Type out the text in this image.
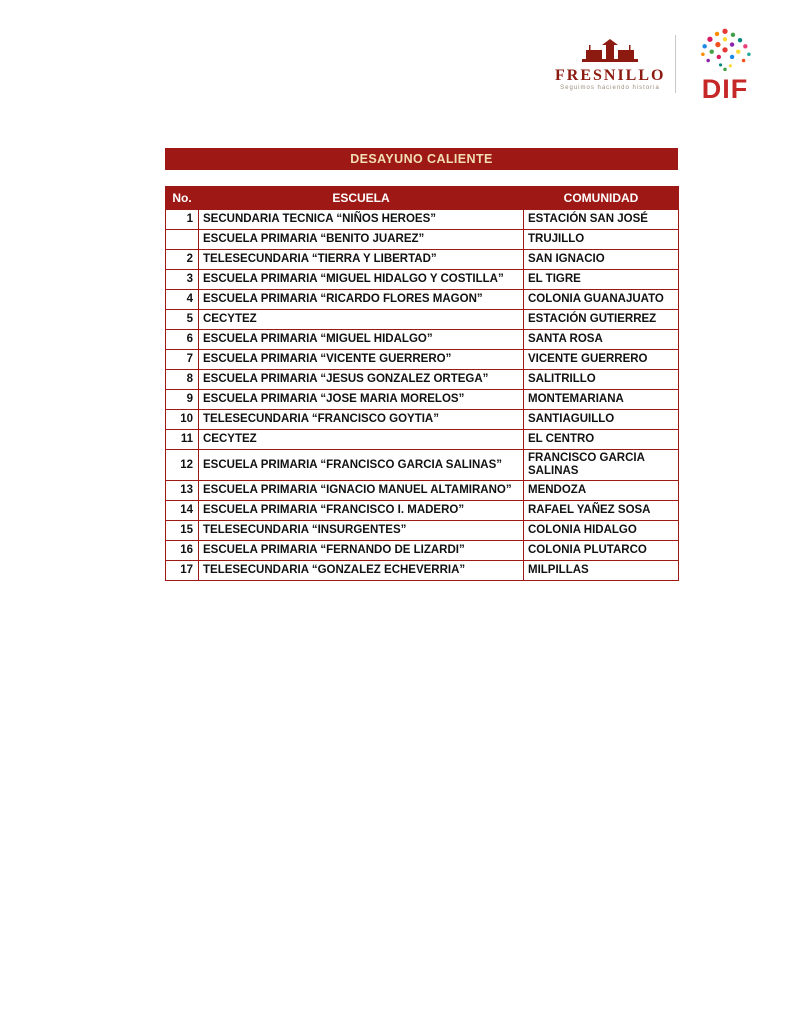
FRESNILLO
Seguimos haciendo historia	DIF
DESAYUNO CALIENTE
No.	ESCUELA	COMUNIDAD
1	SECUNDARIA TECNICA “NIÑOS HEROES”	ESTACIÓN SAN JOSÉ
	ESCUELA PRIMARIA “BENITO JUAREZ”	TRUJILLO
2	TELESECUNDARIA “TIERRA Y LIBERTAD”	SAN IGNACIO
3	ESCUELA PRIMARIA “MIGUEL HIDALGO Y COSTILLA”	EL TIGRE
4	ESCUELA PRIMARIA “RICARDO FLORES MAGON”	COLONIA GUANAJUATO
5	CECYTEZ	ESTACIÓN GUTIERREZ
6	ESCUELA PRIMARIA “MIGUEL HIDALGO”	SANTA ROSA
7	ESCUELA PRIMARIA “VICENTE GUERRERO”	VICENTE GUERRERO
8	ESCUELA PRIMARIA “JESUS GONZALEZ ORTEGA”	SALITRILLO
9	ESCUELA PRIMARIA “JOSE MARIA MORELOS”	MONTEMARIANA
10	TELESECUNDARIA “FRANCISCO GOYTIA”	SANTIAGUILLO
11	CECYTEZ	EL CENTRO
12	ESCUELA PRIMARIA “FRANCISCO GARCIA SALINAS”	FRANCISCO GARCIA SALINAS
13	ESCUELA PRIMARIA “IGNACIO MANUEL ALTAMIRANO”	MENDOZA
14	ESCUELA PRIMARIA “FRANCISCO I. MADERO”	RAFAEL YAÑEZ SOSA
15	TELESECUNDARIA “INSURGENTES”	COLONIA HIDALGO
16	ESCUELA PRIMARIA “FERNANDO DE LIZARDI”	COLONIA PLUTARCO
17	TELESECUNDARIA “GONZALEZ ECHEVERRIA”	MILPILLAS
